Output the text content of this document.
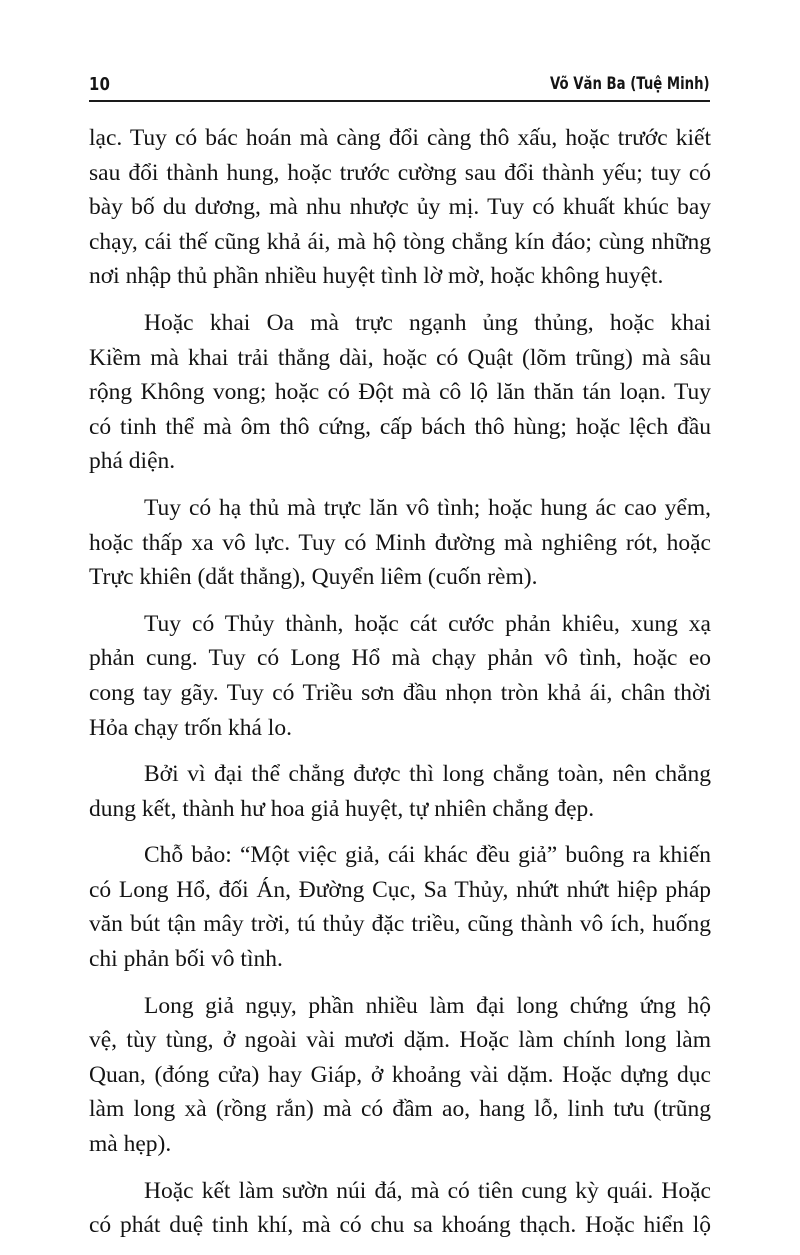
10	Võ Văn Ba (Tuệ Minh)
lạc. Tuy có bác hoán mà càng đổi càng thô xấu, hoặc trước kiết
sau đổi thành hung, hoặc trước cường sau đổi thành yếu; tuy có
bày bố du dương, mà nhu nhược ủy mị. Tuy có khuất khúc bay
chạy, cái thế cũng khả ái, mà hộ tòng chẳng kín đáo; cùng những
nơi nhập thủ phần nhiều huyệt tình lờ mờ, hoặc không huyệt.
Hoặc khai Oa mà trực ngạnh ủng thủng, hoặc khai
Kiềm mà khai trải thẳng dài, hoặc có Quật (lõm trũng) mà sâu
rộng Không vong; hoặc có Đột mà cô lộ lăn thăn tán loạn. Tuy
có tinh thể mà ôm thô cứng, cấp bách thô hùng; hoặc lệch đầu
phá diện.
Tuy có hạ thủ mà trực lăn vô tình; hoặc hung ác cao yểm,
hoặc thấp xa vô lực. Tuy có Minh đường mà nghiêng rót, hoặc
Trực khiên (dắt thẳng), Quyển liêm (cuốn rèm).
Tuy có Thủy thành, hoặc cát cước phản khiêu, xung xạ
phản cung. Tuy có Long Hổ mà chạy phản vô tình, hoặc eo
cong tay gãy. Tuy có Triều sơn đầu nhọn tròn khả ái, chân thời
Hỏa chạy trốn khá lo.
Bởi vì đại thể chẳng được thì long chẳng toàn, nên chẳng
dung kết, thành hư hoa giả huyệt, tự nhiên chẳng đẹp.
Chỗ bảo: “Một việc giả, cái khác đều giả” buông ra khiến
có Long Hổ, đối Án, Đường Cục, Sa Thủy, nhứt nhứt hiệp pháp
văn bút tận mây trời, tú thủy đặc triều, cũng thành vô ích, huống
chi phản bối vô tình.
Long giả ngụy, phần nhiều làm đại long chứng ứng hộ
vệ, tùy tùng, ở ngoài vài mươi dặm. Hoặc làm chính long làm
Quan, (đóng cửa) hay Giáp, ở khoảng vài dặm. Hoặc dựng dục
làm long xà (rồng rắn) mà có đầm ao, hang lỗ, linh tưu (trũng
mà hẹp).
Hoặc kết làm sườn núi đá, mà có tiên cung kỳ quái. Hoặc
có phát duệ tinh khí, mà có chu sa khoáng thạch. Hoặc hiển lộ
